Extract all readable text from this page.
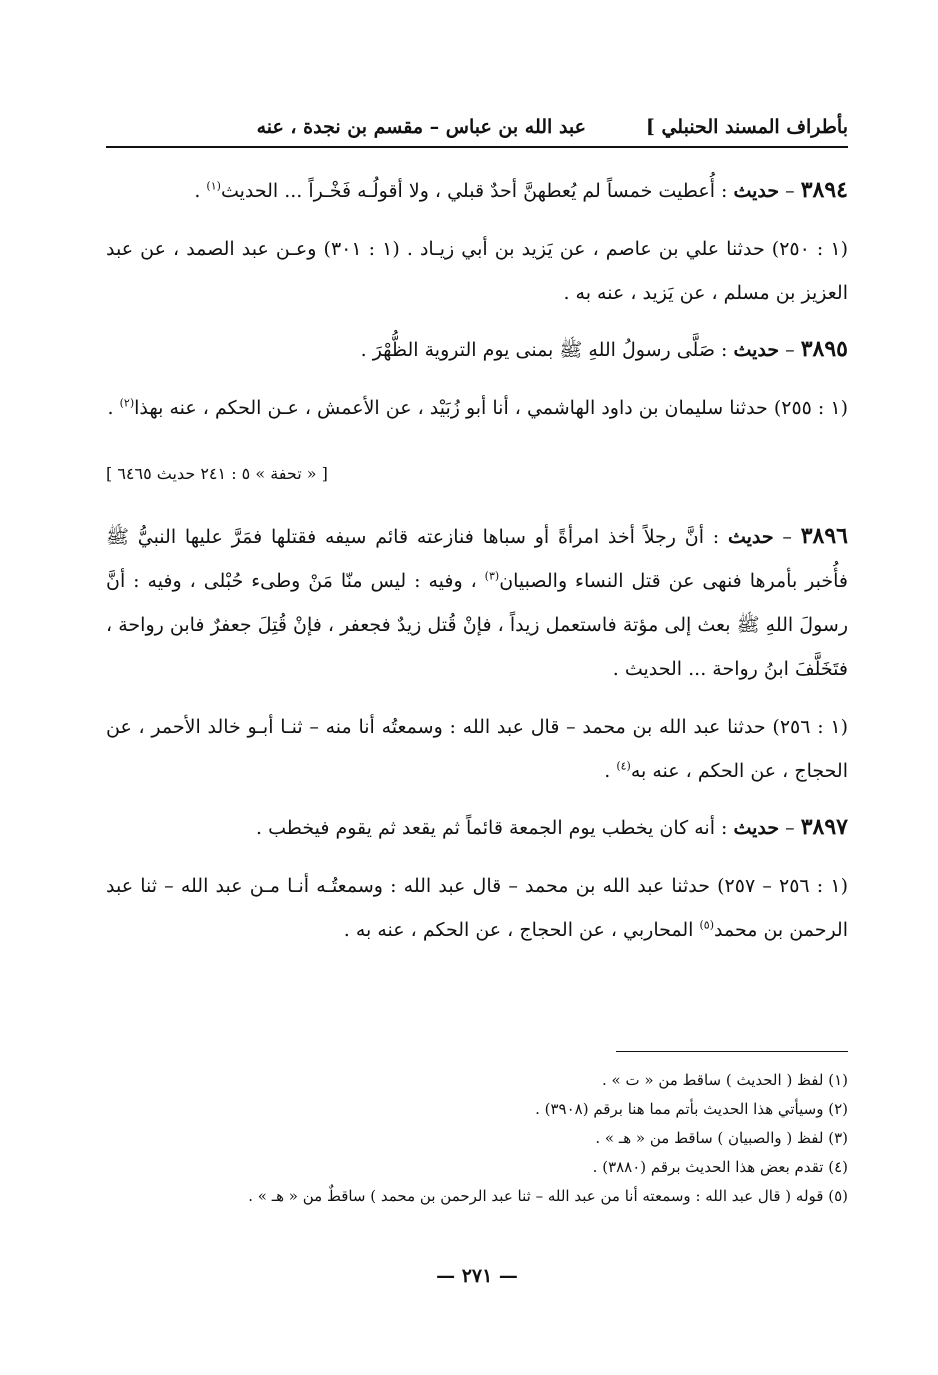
بأطراف المسند الحنبلي ]
عبد الله بن عباس – مقسم بن نجدة ، عنه

٣٨٩٤ – حديث : أُعطيت خمساً لم يُعطهنَّ أحدٌ قبلي ، ولا أقولُـه فَخْـراً ... الحديث$^{(١)}$ .

(١ : ٢٥٠) حدثنا علي بن عاصم ، عن يَزيد بن أبي زيـاد . (١ : ٣٠١) وعـن عبد الصمد ، عن عبد العزيز بن مسلم ، عن يَزيد ، عنه به .

٣٨٩٥ – حديث : صَلَّى رسولُ اللهِ ﷺ بمنى يوم التروية الظُّهْرَ .

(١ : ٢٥٥) حدثنا سليمان بن داود الهاشمي ، أنا أبو زُبَيْد ، عن الأعمش ، عـن الحكم ، عنه بهذا$^{(٢)}$ .

[ « تحفة » ٥ : ٢٤١ حديث ٦٤٦٥ ]

٣٨٩٦ – حديث : أنَّ رجلاً أخذ امرأةً أو سباها فنازعته قائم سيفه فقتلها فمَرَّ عليها النبيُّ ﷺ فأُخبر بأمرها فنهى عن قتل النساء والصبيان$^{(٣)}$ ، وفيه : ليس منّا مَنْ وطىء حُبْلى ، وفيه : أنَّ رسولَ اللهِ ﷺ بعث إلى مؤتة فاستعمل زيداً ، فإنْ قُتل زيدٌ فجعفر ، فإنْ قُتِلَ جعفرٌ فابن رواحة ، فتَخَلَّفَ ابنُ رواحة ... الحديث .

(١ : ٢٥٦) حدثنا عبد الله بن محمد – قال عبد الله : وسمعتُه أنا منه – ثنـا أبـو خالد الأحمر ، عن الحجاج ، عن الحكم ، عنه به$^{(٤)}$ .

٣٨٩٧ – حديث : أنه كان يخطب يوم الجمعة قائماً ثم يقعد ثم يقوم فيخطب .

(١ : ٢٥٦ – ٢٥٧) حدثنا عبد الله بن محمد – قال عبد الله : وسمعتُـه أنـا مـن عبد الله – ثنا عبد الرحمن بن محمد$^{(٥)}$ المحاربي ، عن الحجاج ، عن الحكم ، عنه به .

(١) لفظ ( الحديث ) ساقط من « ت » .

(٢) وسيأتي هذا الحديث بأتم مما هنا برقم (٣٩٠٨) .

(٣) لفظ ( والصبيان ) ساقط من « هـ » .

(٤) تقدم بعض هذا الحديث برقم (٣٨٨٠) .

(٥) قوله ( قال عبد الله : وسمعته أنا من عبد الله – ثنا عبد الرحمن بن محمد ) ساقطٌ من « هـ » .

— ٢٧١ —
